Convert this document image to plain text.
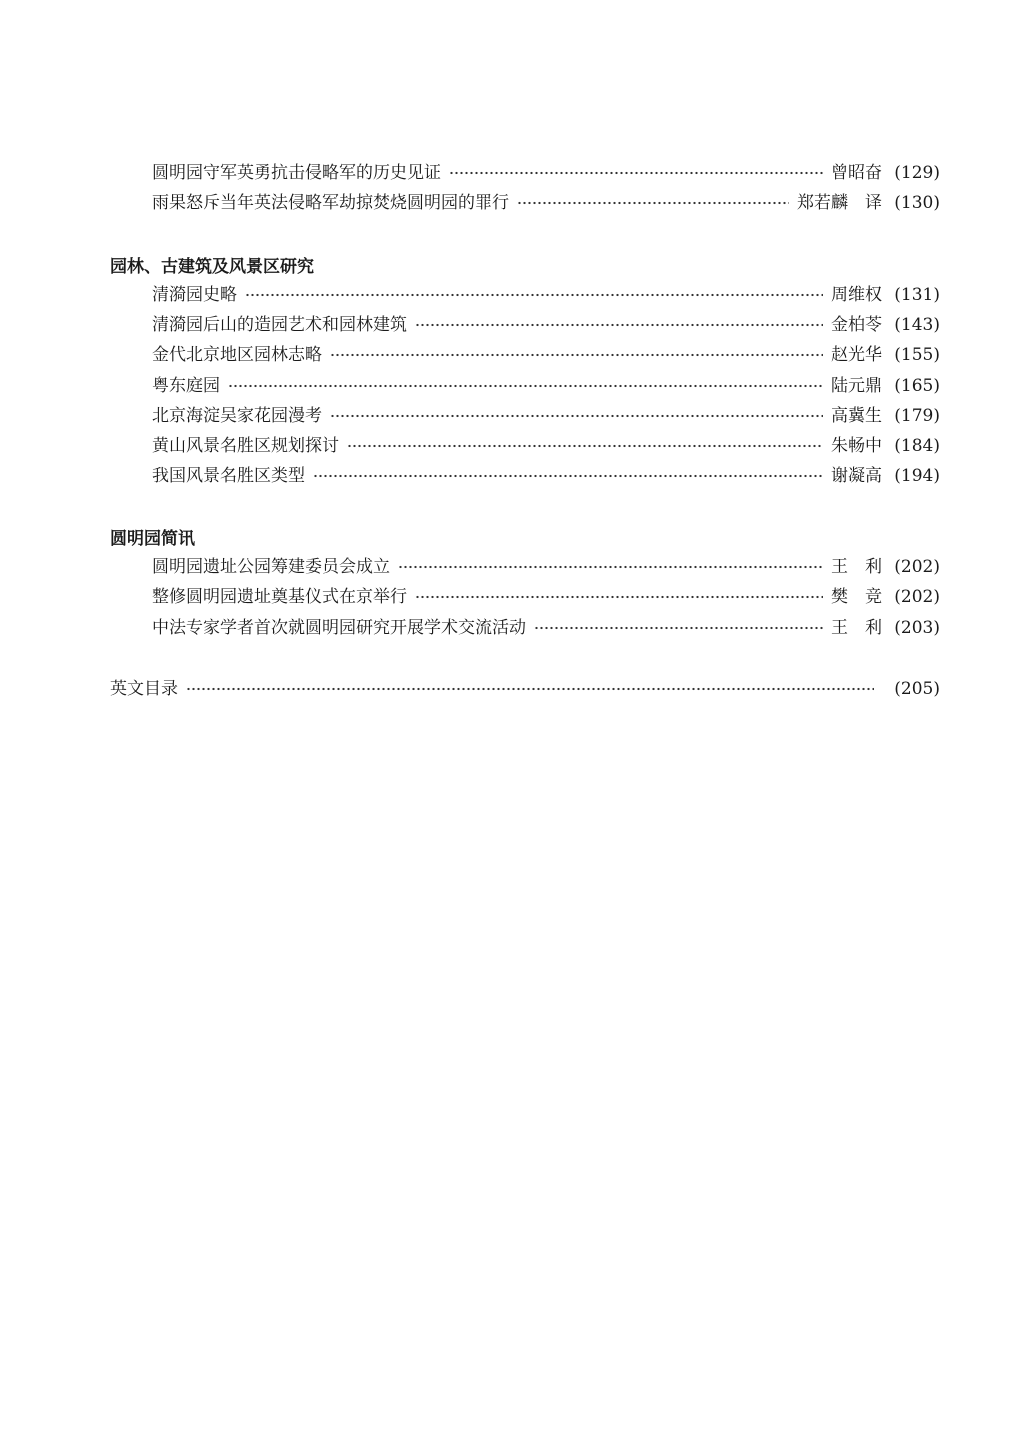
圆明园守军英勇抗击侵略军的历史见证	曾昭奋 (129)
雨果怒斥当年英法侵略军劫掠焚烧圆明园的罪行	郑若麟　译 (130)
园林、古建筑及风景区研究
清漪园史略	周维权 (131)
清漪园后山的造园艺术和园林建筑	金柏苓 (143)
金代北京地区园林志略	赵光华 (155)
粤东庭园	陆元鼎 (165)
北京海淀吴家花园漫考	高冀生 (179)
黄山风景名胜区规划探讨	朱畅中 (184)
我国风景名胜区类型	谢凝高 (194)
圆明园简讯
圆明园遗址公园筹建委员会成立	王　利 (202)
整修圆明园遗址奠基仪式在京举行	樊　竞 (202)
中法专家学者首次就圆明园研究开展学术交流活动	王　利 (203)
英文目录	(205)
